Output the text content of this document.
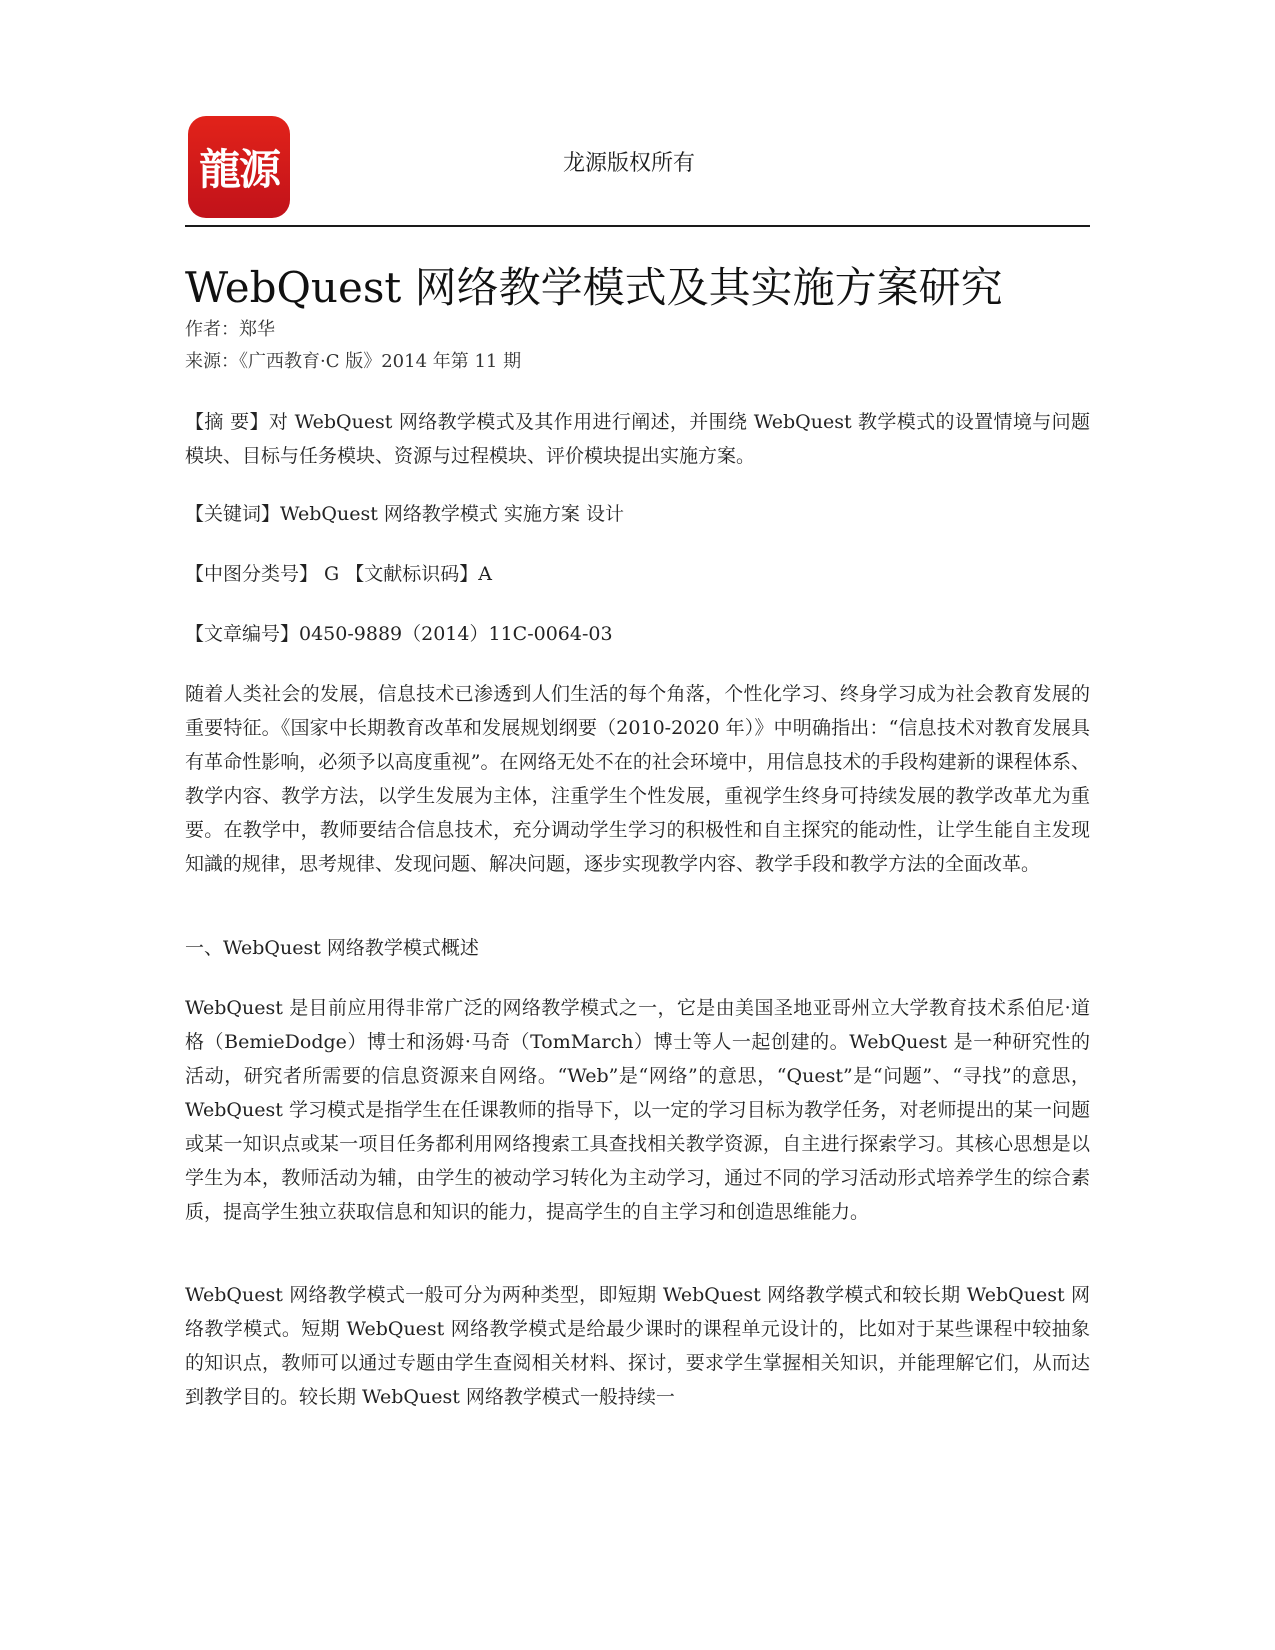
龍源	龙源版权所有
WebQuest 网络教学模式及其实施方案研究
作者：郑华
来源：《广西教育·C 版》2014 年第 11 期
【摘 要】对 WebQuest 网络教学模式及其作用进行阐述，并围绕 WebQuest 教学模式的设置情境与问题模块、目标与任务模块、资源与过程模块、评价模块提出实施方案。
【关键词】WebQuest 网络教学模式 实施方案 设计
【中图分类号】 G 【文献标识码】A
【文章编号】0450-9889（2014）11C-0064-03
随着人类社会的发展，信息技术已渗透到人们生活的每个角落，个性化学习、终身学习成为社会教育发展的重要特征。《国家中长期教育改革和发展规划纲要（2010-2020 年）》中明确指出：“信息技术对教育发展具有革命性影响，必须予以高度重视”。在网络无处不在的社会环境中，用信息技术的手段构建新的课程体系、教学内容、教学方法，以学生发展为主体，注重学生个性发展，重视学生终身可持续发展的教学改革尤为重要。在教学中，教师要结合信息技术，充分调动学生学习的积极性和自主探究的能动性，让学生能自主发现知識的规律，思考规律、发现问题、解决问题，逐步实现教学内容、教学手段和教学方法的全面改革。
一、WebQuest 网络教学模式概述
WebQuest 是目前应用得非常广泛的网络教学模式之一，它是由美国圣地亚哥州立大学教育技术系伯尼·道格（BemieDodge）博士和汤姆·马奇（TomMarch）博士等人一起创建的。WebQuest 是一种研究性的活动，研究者所需要的信息资源来自网络。“Web”是“网络”的意思，“Quest”是“问题”、“寻找”的意思，WebQuest 学习模式是指学生在任课教师的指导下，以一定的学习目标为教学任务，对老师提出的某一问题或某一知识点或某一项目任务都利用网络搜索工具查找相关教学资源，自主进行探索学习。其核心思想是以学生为本，教师活动为辅，由学生的被动学习转化为主动学习，通过不同的学习活动形式培养学生的综合素质，提高学生独立获取信息和知识的能力，提高学生的自主学习和创造思维能力。
WebQuest 网络教学模式一般可分为两种类型，即短期 WebQuest 网络教学模式和较长期 WebQuest 网络教学模式。短期 WebQuest 网络教学模式是给最少课时的课程单元设计的，比如对于某些课程中较抽象的知识点，教师可以通过专题由学生查阅相关材料、探讨，要求学生掌握相关知识，并能理解它们，从而达到教学目的。较长期 WebQuest 网络教学模式一般持续一
